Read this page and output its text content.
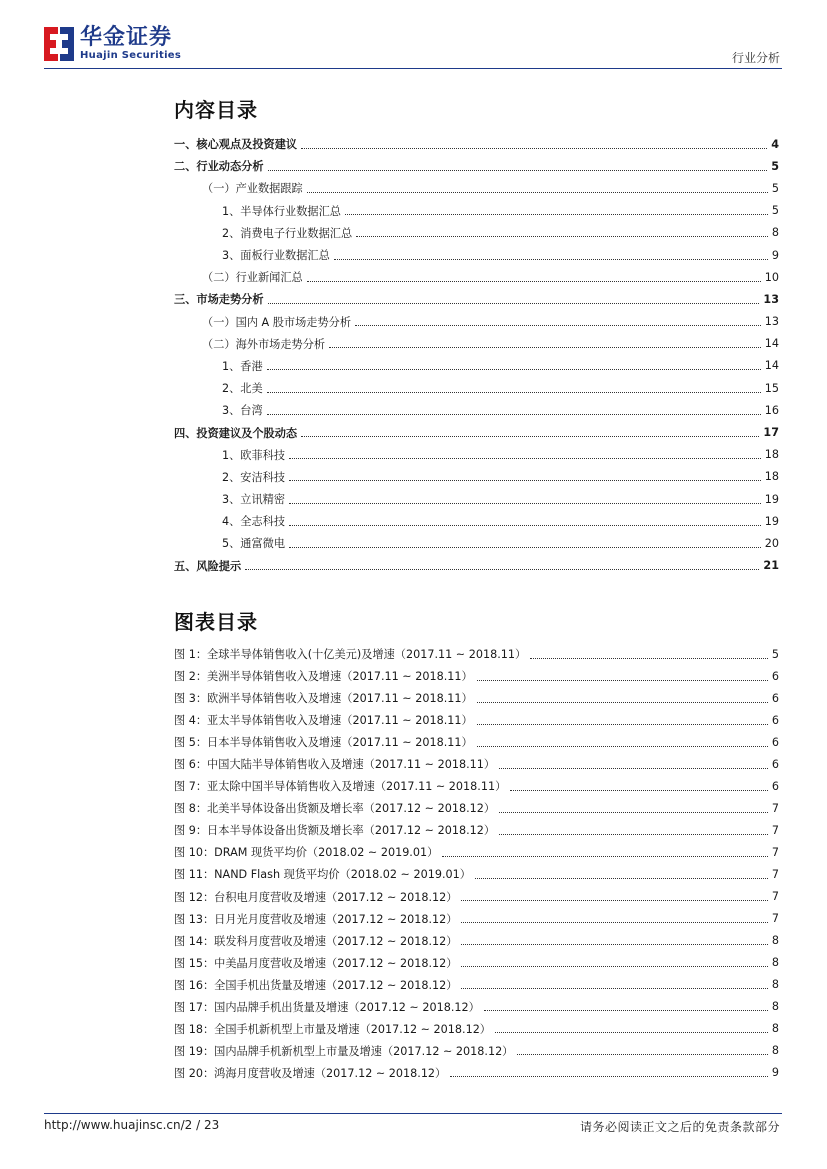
华金证券
Huajin Securities	行业分析
内容目录
一、核心观点及投资建议	4
二、行业动态分析	5
（一）产业数据跟踪	5
1、半导体行业数据汇总	5
2、消费电子行业数据汇总	8
3、面板行业数据汇总	9
（二）行业新闻汇总	10
三、市场走势分析	13
（一）国内 A 股市场走势分析	13
（二）海外市场走势分析	14
1、香港	14
2、北美	15
3、台湾	16
四、投资建议及个股动态	17
1、欧菲科技	18
2、安洁科技	18
3、立讯精密	19
4、全志科技	19
5、通富微电	20
五、风险提示	21
图表目录
图 1：全球半导体销售收入(十亿美元)及增速（2017.11 ~ 2018.11）	5
图 2：美洲半导体销售收入及增速（2017.11 ~ 2018.11）	6
图 3：欧洲半导体销售收入及增速（2017.11 ~ 2018.11）	6
图 4：亚太半导体销售收入及增速（2017.11 ~ 2018.11）	6
图 5：日本半导体销售收入及增速（2017.11 ~ 2018.11）	6
图 6：中国大陆半导体销售收入及增速（2017.11 ~ 2018.11）	6
图 7：亚太除中国半导体销售收入及增速（2017.11 ~ 2018.11）	6
图 8：北美半导体设备出货额及增长率（2017.12 ~ 2018.12）	7
图 9：日本半导体设备出货额及增长率（2017.12 ~ 2018.12）	7
图 10：DRAM 现货平均价（2018.02 ~ 2019.01）	7
图 11：NAND Flash 现货平均价（2018.02 ~ 2019.01）	7
图 12：台积电月度营收及增速（2017.12 ~ 2018.12）	7
图 13：日月光月度营收及增速（2017.12 ~ 2018.12）	7
图 14：联发科月度营收及增速（2017.12 ~ 2018.12）	8
图 15：中美晶月度营收及增速（2017.12 ~ 2018.12）	8
图 16：全国手机出货量及增速（2017.12 ~ 2018.12）	8
图 17：国内品牌手机出货量及增速（2017.12 ~ 2018.12）	8
图 18：全国手机新机型上市量及增速（2017.12 ~ 2018.12）	8
图 19：国内品牌手机新机型上市量及增速（2017.12 ~ 2018.12）	8
图 20：鸿海月度营收及增速（2017.12 ~ 2018.12）	9
http://www.huajinsc.cn/2 / 23	请务必阅读正文之后的免责条款部分
